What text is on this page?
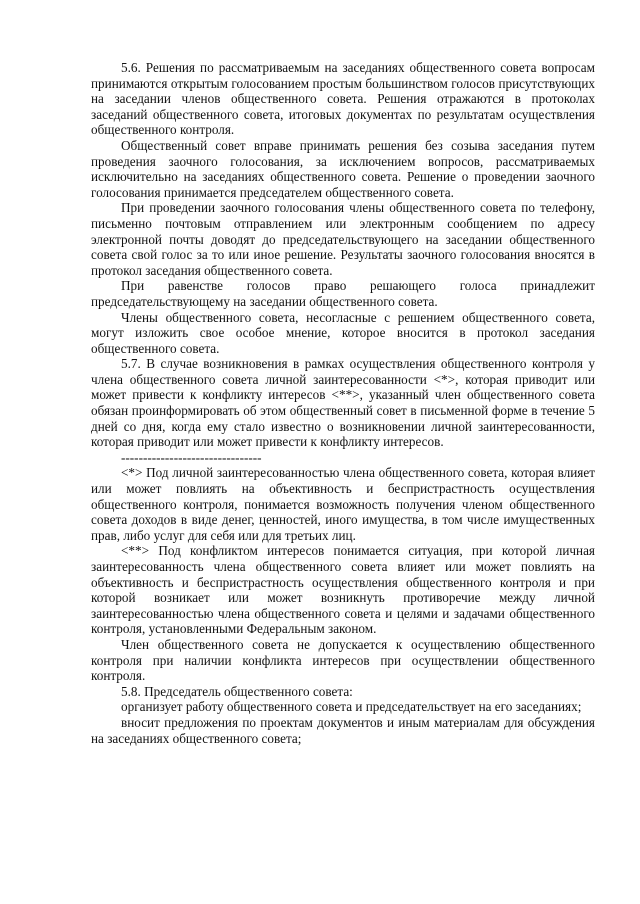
5.6. Решения по рассматриваемым на заседаниях общественного совета вопросам принимаются открытым голосованием простым большинством голосов присутствующих на заседании членов общественного совета. Решения отражаются в протоколах заседаний общественного совета, итоговых документах по результатам осуществления общественного контроля.

Общественный совет вправе принимать решения без созыва заседания путем проведения заочного голосования, за исключением вопросов, рассматриваемых исключительно на заседаниях общественного совета. Решение о проведении заочного голосования принимается председателем общественного совета.

При проведении заочного голосования члены общественного совета по телефону, письменно почтовым отправлением или электронным сообщением по адресу электронной почты доводят до председательствующего на заседании общественного совета свой голос за то или иное решение. Результаты заочного голосования вносятся в протокол заседания общественного совета.

При равенстве голосов право решающего голоса принадлежит председательствующему на заседании общественного совета.

Члены общественного совета, несогласные с решением общественного совета, могут изложить свое особое мнение, которое вносится в протокол заседания общественного совета.

5.7. В случае возникновения в рамках осуществления общественного контроля у члена общественного совета личной заинтересованности <*>, которая приводит или может привести к конфликту интересов <**>, указанный член общественного совета обязан проинформировать об этом общественный совет в письменной форме в течение 5 дней со дня, когда ему стало известно о возникновении личной заинтересованности, которая приводит или может привести к конфликту интересов.

--------------------------------

<*> Под личной заинтересованностью члена общественного совета, которая влияет или может повлиять на объективность и беспристрастность осуществления общественного контроля, понимается возможность получения членом общественного совета доходов в виде денег, ценностей, иного имущества, в том числе имущественных прав, либо услуг для себя или для третьих лиц.

<**> Под конфликтом интересов понимается ситуация, при которой личная заинтересованность члена общественного совета влияет или может повлиять на объективность и беспристрастность осуществления общественного контроля и при которой возникает или может возникнуть противоречие между личной заинтересованностью члена общественного совета и целями и задачами общественного контроля, установленными Федеральным законом.

Член общественного совета не допускается к осуществлению общественного контроля при наличии конфликта интересов при осуществлении общественного контроля.

5.8. Председатель общественного совета:

организует работу общественного совета и председательствует на его заседаниях;

вносит предложения по проектам документов и иным материалам для обсуждения на заседаниях общественного совета;
